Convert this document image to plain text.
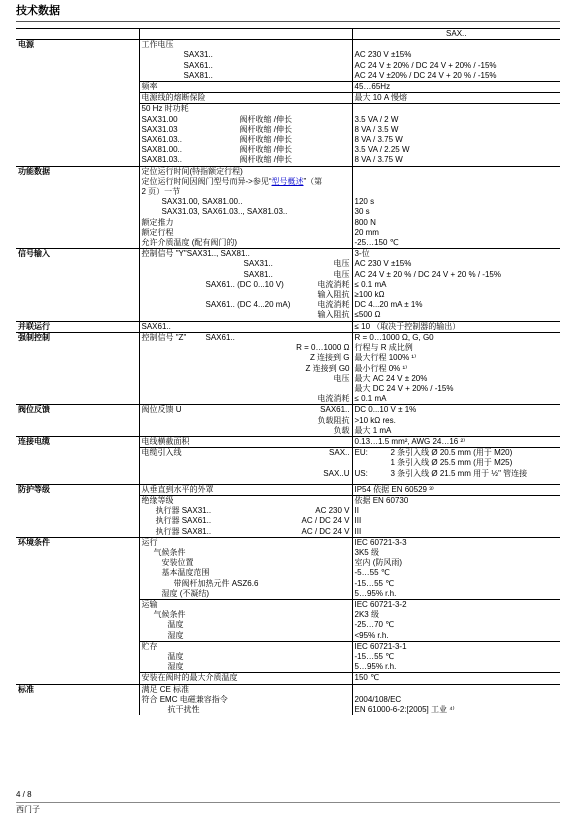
技术数据
		SAX..
电源	工作电压	
	SAX31..	AC 230 V ±15%
	SAX61..	AC 24 V ± 20% / DC 24 V + 20% / -15%
	SAX81..	AC 24 V ±20% / DC 24 V + 20 % / -15%
	频率	45…65Hz
	电源线的熔断保险	最大 10 A 慢熔
	50 Hz 时功耗	
	SAX31.00 阀杆收缩 /伸长	3.5 VA / 2 W
	SAX31.03 阀杆收缩 /伸长	8 VA / 3.5 W
	SAX61.03.. 阀杆收缩 /伸长	8 VA / 3.75 W
	SAX81.00.. 阀杆收缩 /伸长	3.5 VA / 2.25 W
	SAX81.03.. 阀杆收缩 /伸长	8 VA / 3.75 W
功能数据	定位运行时间(特指额定行程)	
	定位运行时间因阀门型号而异->参见“型号概述”（第	
	2 页）一节	
	SAX31.00, SAX81.00..	120 s
	SAX31.03, SAX61.03.., SAX81.03..	30 s
	额定推力	800 N
	额定行程	20 mm
	允许介质温度 (配有阀门的)	-25…150 ℃
信号输入	控制信号 "Y"SAX31.., SAX81..	3-位

	SAX31.. 电压	AC 230 V ±15%

	SAX81.. 电压	AC 24 V ± 20 % / DC 24 V + 20 % / -15%

	SAX61.. (DC 0...10 V) 电流消耗	≤ 0.1 mA
	输入阻抗	≥100 kΩ

	SAX61.. (DC 4...20 mA) 电流消耗	DC 4...20 mA ± 1%
	输入阻抗	≤500 Ω
并联运行	SAX61..	≤ 10 （取决于控制器的输出）
强制控制	控制信号 "Z" SAX61..	R = 0…1000 Ω, G, G0
	R = 0…1000 Ω	行程与 R 成比例
	Z 连接到 G	最大行程 100% ¹⁾
	Z 连接到 G0	最小行程 0% ¹⁾
	电压	最大 AC 24 V ± 20%
		最大 DC 24 V + 20% / -15%
	电流消耗	≤ 0.1 mA
阀位反馈	阀位反馈 U SAX61..	DC 0...10 V ± 1%
	负载阻抗	>10 kΩ res.
	负载	最大 1 mA
连接电缆	电线横截面积	0.13…1.5 mm², AWG 24…16 ²⁾

	电缆引入线 SAX..	EU: 2 条引入线 Ø 20.5 mm (用于 M20)
		1 条引入线 Ø 25.5 mm (用于 M25)
	SAX..U	US: 3 条引入线 Ø 21.5 mm 用于 ½" 管连接

防护等级	从垂直到水平的外罩	IP54 依据 EN 60529 ³⁾
	绝缘等级	依据 EN 60730

	执行器 SAX31.. AC 230 V	II

	执行器 SAX61.. AC / DC 24 V	III

	执行器 SAX81.. AC / DC 24 V	III
环境条件	运行	IEC 60721-3-3
	气候条件	3K5 级
	安装位置	室内 (防风雨)
	基本温度范围	-5…55 ℃
	带阀杆加热元件 ASZ6.6	-15…55 ℃
	湿度 (不凝结)	5…95% r.h.
	运输	IEC 60721-3-2
	气候条件	2K3 级
	温度	-25…70 ℃
	湿度	<95% r.h.
	贮存	IEC 60721-3-1
	温度	-15…55 ℃
	湿度	5…95% r.h.
	安装在阀时的最大介质温度	150 ℃
标准	满足 CE 标准	
	符合 EMC 电磁兼容指令	2004/108/EC
	抗干扰性	EN 61000-6-2:[2005] 工业 ⁴⁾
4 / 8
西门子
